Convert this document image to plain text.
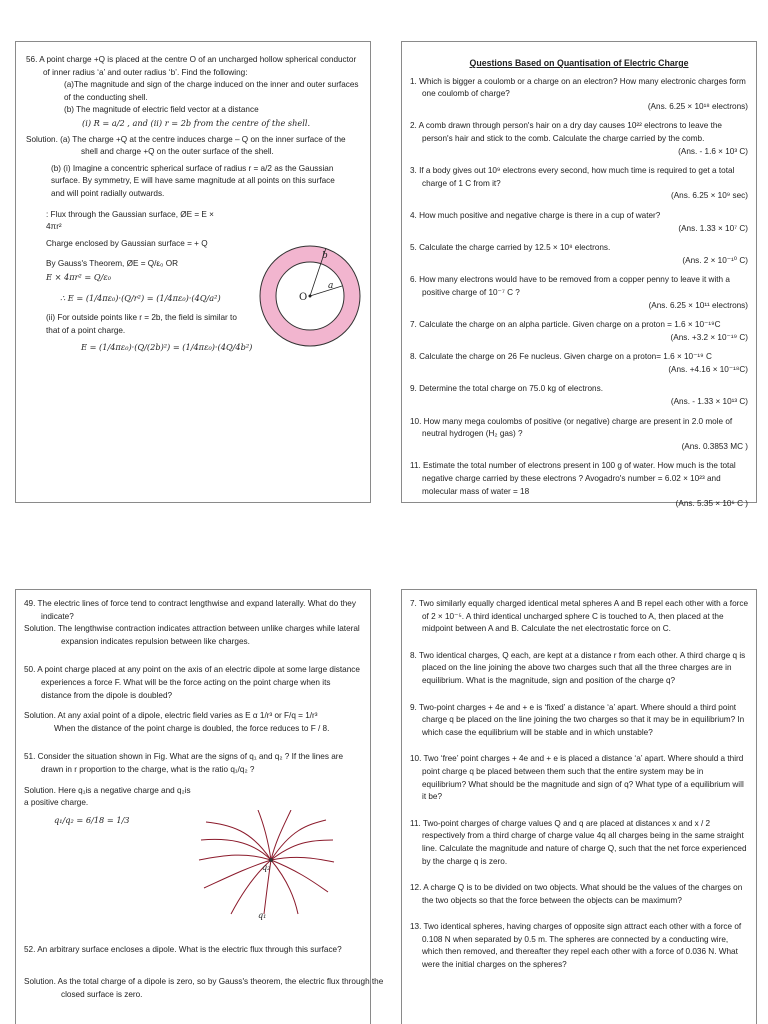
56. A point charge +Q is placed at the centre O of an uncharged hollow spherical conductor of inner radius ‘a’ and outer radius ‘b’. Find the following:

(a)The magnitude and sign of the charge induced on the inner and outer surfaces of the conducting shell.

(b) The magnitude of electric field vector at a distance

(i) R = a/2 , and (ii) r = 2b from the centre of the shell.

Solution. (a) The charge +Q at the centre induces charge – Q on the inner surface of the shell and charge +Q on the outer surface of the shell.

(b) (i) Imagine a concentric spherical surface of radius r = a/2 as the Gaussian surface. By symmetry, E will have same magnitude at all points on this surface and will point radially outwards.

: Flux through the Gaussian surface, ØE = E × 4πr²

Charge enclosed by Gaussian surface = + Q

By Gauss's Theorem, ØE = Q/ε₀ OR

E × 4πr² = Q/ε₀

∴ E = (1/4πε₀)·(Q/r²) = (1/4πε₀)·(4Q/a²)

(ii) For outside points like r = 2b, the field is similar to that of a point charge.

E = (1/4πε₀)·(Q/(2b)²) = (1/4πε₀)·(4Q/4b²)

O
a
b
Questions Based on Quantisation of Electric Charge

1. Which is bigger a coulomb or a charge on an electron? How many electronic charges form one coulomb of charge?

(Ans. 6.25 × 10¹⁸ electrons)

2. A comb drawn through person's hair on a dry day causes 10²² electrons to leave the person's hair and stick to the comb. Calculate the charge carried by the comb.

(Ans. - 1.6 × 10³ C)

3. If a body gives out 10⁹ electrons every second, how much time is required to get a total charge of 1 C from it?

(Ans. 6.25 × 10⁹ sec)

4. How much positive and negative charge is there in a cup of water?

(Ans. 1.33 × 10⁷ C)

5. Calculate the charge carried by 12.5 × 10⁸ electrons.

(Ans. 2 × 10⁻¹⁰ C)

6. How many electrons would have to be removed from a copper penny to leave it with a positive charge of 10⁻⁷ C ?

(Ans. 6.25 × 10¹¹ electrons)

7. Calculate the charge on an alpha particle. Given charge on a proton = 1.6 × 10⁻¹⁹C

(Ans. +3.2 × 10⁻¹⁹ C)

8. Calculate the charge on 26 Fe nucleus. Given charge on a proton= 1.6 × 10⁻¹⁹ C

(Ans. +4.16 × 10⁻¹⁸C)

9. Determine the total charge on 75.0 kg of electrons.

(Ans. - 1.33 × 10¹³ C)

10. How many mega coulombs of positive (or negative) charge are present in 2.0 mole of neutral hydrogen (H₂ gas) ?

(Ans. 0.3853 MC )

11. Estimate the total number of electrons present in 100 g of water. How much is the total negative charge carried by these electrons ? Avogadro's number = 6.02 × 10²³ and molecular mass of water = 18

(Ans. 5.35 × 10⁶ C )

49. The electric lines of force tend to contract lengthwise and expand laterally. What do they indicate?

Solution. The lengthwise contraction indicates attraction between unlike charges while lateral expansion indicates repulsion between like charges.

50. A point charge placed at any point on the axis of an electric dipole at some large distance experiences a force F. What will be the force acting on the point charge when its distance from the dipole is doubled?

Solution. At any axial point of a dipole, electric field varies as E α 1/r³ or F/q = 1/r³

When the distance of the point charge is doubled, the force reduces to F / 8.

51. Consider the situation shown in Fig. What are the signs of q₁ and q₂ ? If the lines are drawn in r proportion to the charge, what is the ratio q₁/q₂ ?

Solution. Here q₁is a negative charge and q₂is a positive charge.

q₁/q₂ = 6/18 = 1/3

q₂
q₁

52. An arbitrary surface encloses a dipole. What is the electric flux through this surface?

Solution. As the total charge of a dipole is zero, so by Gauss's theorem, the electric flux through the closed surface is zero.

7. Two similarly equally charged identical metal spheres A and B repel each other with a force of 2 × 10⁻⁵. A third identical uncharged sphere C is touched to A, then placed at the midpoint between A and B. Calculate the net electrostatic force on C.

8. Two identical charges, Q each, are kept at a distance r from each other. A third charge q is placed on the line joining the above two charges such that all the three charges are in equilibrium. What is the magnitude, sign and position of the charge q?

9. Two-point charges + 4e and + e is ‘fixed’ a distance ‘a’ apart. Where should a third point charge q be placed on the line joining the two charges so that it may be in equilibrium? In which case the equilibrium will be stable and in which unstable?

10. Two ‘free’ point charges + 4e and + e is placed a distance ‘a’ apart. Where should a third point charge q be placed between them such that the entire system may be in equilibrium? What should be the magnitude and sign of q? What type of a equilibrium will it be?

11. Two-point charges of charge values Q and q are placed at distances x and x / 2 respectively from a third charge of charge value 4q all charges being in the same straight line. Calculate the magnitude and nature of charge Q, such that the net force experienced by the charge q is zero.

12. A charge Q is to be divided on two objects. What should be the values of the charges on the two objects so that the force between the objects can be maximum?

13. Two identical spheres, having charges of opposite sign attract each other with a force of 0.108 N when separated by 0.5 m. The spheres are connected by a conducting wire, which then removed, and thereafter they repel each other with a force of 0.036 N. What were the initial charges on the spheres?
